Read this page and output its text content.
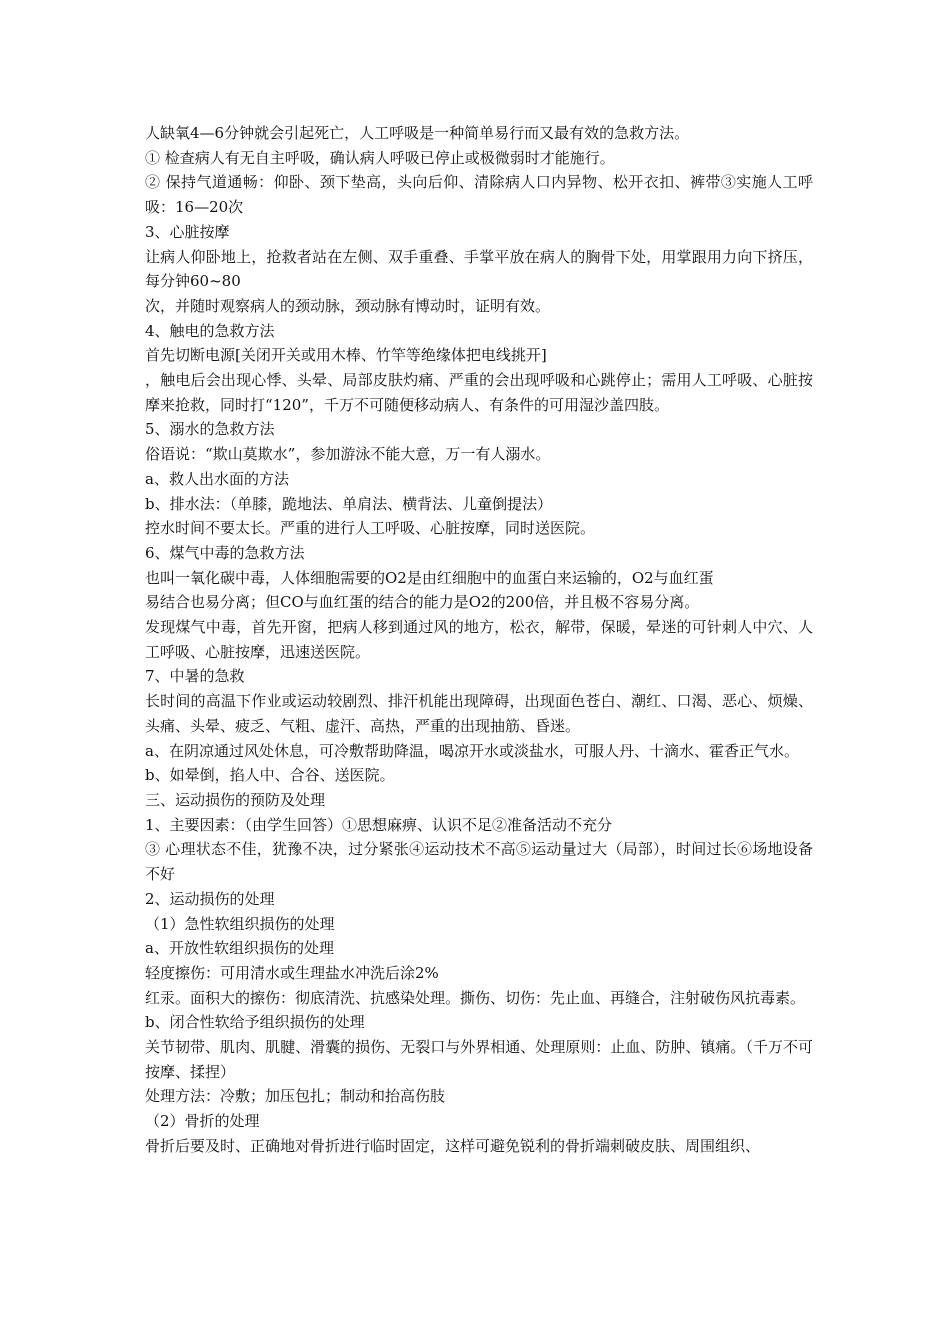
人缺氧4—6分钟就会引起死亡，人工呼吸是一种简单易行而又最有效的急救方法。

① 检查病人有无自主呼吸，确认病人呼吸已停止或极微弱时才能施行。

② 保持气道通畅：仰卧、颈下垫高，头向后仰、清除病人口内异物、松开衣扣、裤带③实施人工呼吸：16—20次

3、心脏按摩

让病人仰卧地上，抢救者站在左侧、双手重叠、手掌平放在病人的胸骨下处，用掌跟用力向下挤压，每分钟60~80

次，并随时观察病人的颈动脉，颈动脉有博动时，证明有效。

4、触电的急救方法

首先切断电源[关闭开关或用木棒、竹竿等绝缘体把电线挑开]

，触电后会出现心悸、头晕、局部皮肤灼痛、严重的会出现呼吸和心跳停止；需用人工呼吸、心脏按摩来抢救，同时打“120”，千万不可随便移动病人、有条件的可用湿沙盖四肢。

5、溺水的急救方法

俗语说：“欺山莫欺水”，参加游泳不能大意，万一有人溺水。

a、救人出水面的方法

b、排水法：（单膝，跪地法、单肩法、横背法、儿童倒提法）

控水时间不要太长。严重的进行人工呼吸、心脏按摩，同时送医院。

6、煤气中毒的急救方法

也叫一氧化碳中毒，人体细胞需要的O2是由红细胞中的血蛋白来运输的，O2与血红蛋

易结合也易分离；但CO与血红蛋的结合的能力是O2的200倍，并且极不容易分离。

发现煤气中毒，首先开窗，把病人移到通过风的地方，松衣，解带，保暖，晕迷的可针刺人中穴、人工呼吸、心脏按摩，迅速送医院。

7、中暑的急救

长时间的高温下作业或运动较剧烈、排汗机能出现障碍，出现面色苍白、潮红、口渴、恶心、烦燥、头痛、头晕、疲乏、气粗、虚汗、高热，严重的出现抽筋、昏迷。

a、在阴凉通过风处休息，可冷敷帮助降温，喝凉开水或淡盐水，可服人丹、十滴水、霍香正气水。

b、如晕倒，掐人中、合谷、送医院。

三、运动损伤的预防及处理

1、主要因素：（由学生回答）①思想麻痹、认识不足②准备活动不充分

③ 心理状态不佳，犹豫不决，过分紧张④运动技术不高⑤运动量过大（局部），时间过长⑥场地设备不好

2、运动损伤的处理

（1）急性软组织损伤的处理

a、开放性软组织损伤的处理

轻度擦伤：可用清水或生理盐水冲洗后涂2%

红汞。面积大的擦伤：彻底清洗、抗感染处理。撕伤、切伤：先止血、再缝合，注射破伤风抗毒素。

b、闭合性软给予组织损伤的处理

关节韧带、肌肉、肌腱、滑囊的损伤、无裂口与外界相通、处理原则：止血、防肿、镇痛。（千万不可按摩、揉捏）

处理方法：冷敷；加压包扎；制动和抬高伤肢

（2）骨折的处理

骨折后要及时、正确地对骨折进行临时固定，这样可避免锐利的骨折端刺破皮肤、周围组织、
